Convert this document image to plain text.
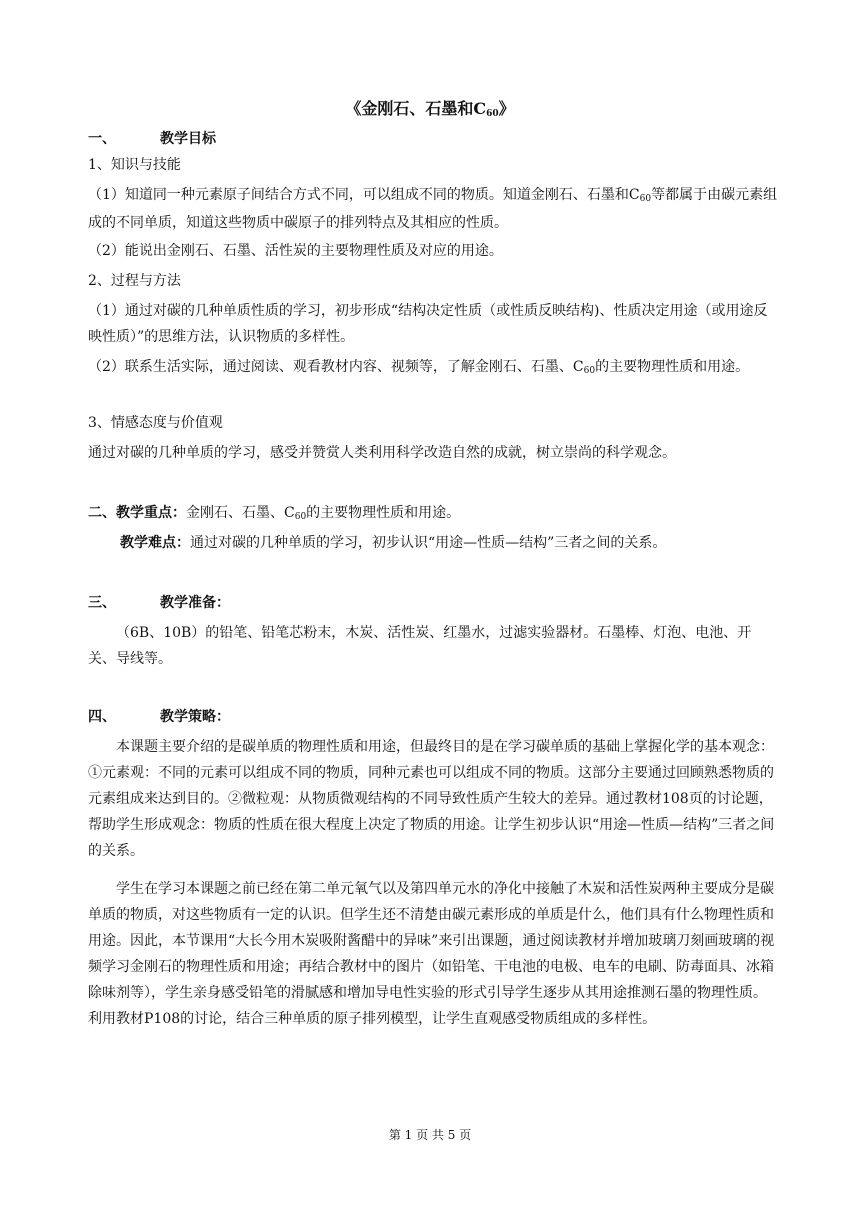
《金刚石、石墨和$C_{60}$》
一、	教学目标
1、知识与技能
（1）知道同一种元素原子间结合方式不同，可以组成不同的物质。知道金刚石、石墨和$C_{60}$等都属于由碳元素组成的不同单质，知道这些物质中碳原子的排列特点及其相应的性质。
（2）能说出金刚石、石墨、活性炭的主要物理性质及对应的用途。
2、过程与方法
（1）通过对碳的几种单质性质的学习，初步形成“结构决定性质（或性质反映结构)、性质决定用途（或用途反映性质）”的思维方法，认识物质的多样性。
（2）联系生活实际，通过阅读、观看教材内容、视频等，了解金刚石、石墨、$C_{60}$的主要物理性质和用途。
3、情感态度与价值观
通过对碳的几种单质的学习，感受并赞赏人类利用科学改造自然的成就，树立崇尚的科学观念。
二、教学重点：金刚石、石墨、$C_{60}$的主要物理性质和用途。
教学难点：通过对碳的几种单质的学习，初步认识“用途—性质—结构”三者之间的关系。
三、	教学准备：
（6B、10B）的铅笔、铅笔芯粉末，木炭、活性炭、红墨水，过滤实验器材。石墨棒、灯泡、电池、开关、导线等。
四、	教学策略：
本课题主要介绍的是碳单质的物理性质和用途，但最终目的是在学习碳单质的基础上掌握化学的基本观念：①元素观：不同的元素可以组成不同的物质，同种元素也可以组成不同的物质。这部分主要通过回顾熟悉物质的元素组成来达到目的。②微粒观：从物质微观结构的不同导致性质产生较大的差异。通过教材108页的讨论题，帮助学生形成观念：物质的性质在很大程度上决定了物质的用途。让学生初步认识“用途—性质—结构”三者之间的关系。
学生在学习本课题之前已经在第二单元氧气以及第四单元水的净化中接触了木炭和活性炭两种主要成分是碳单质的物质，对这些物质有一定的认识。但学生还不清楚由碳元素形成的单质是什么，他们具有什么物理性质和用途。因此，本节课用“大长今用木炭吸附酱醋中的异味”来引出课题，通过阅读教材并增加玻璃刀刻画玻璃的视频学习金刚石的物理性质和用途；再结合教材中的图片（如铅笔、干电池的电极、电车的电刷、防毒面具、冰箱除味剂等），学生亲身感受铅笔的滑腻感和增加导电性实验的形式引导学生逐步从其用途推测石墨的物理性质。利用教材P108的讨论，结合三种单质的原子排列模型，让学生直观感受物质组成的多样性。
第 1 页 共 5 页
